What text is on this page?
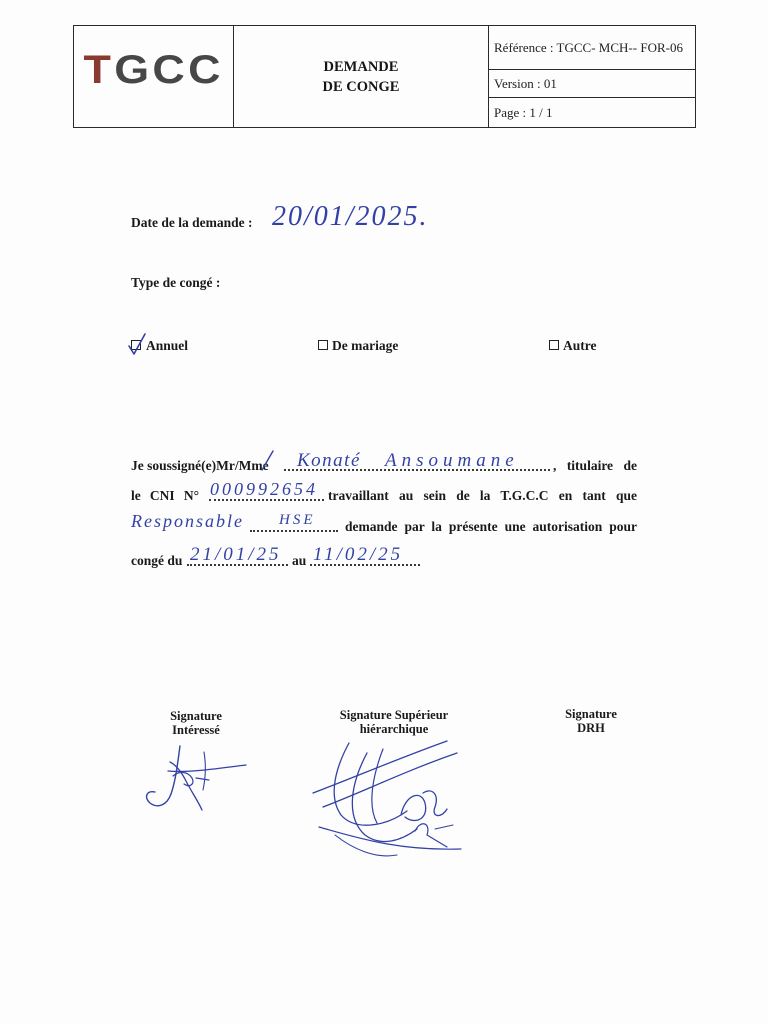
TGCC	DEMANDE
DE CONGE
Référence : TGCC- MCH-- FOR-06
Version : 01
Page : 1 / 1
Date de la demande : 20/01/2025.
Type de congé :
Annuel	De mariage	Autre
Je soussigné(e)Mr/Mme Konaté Ansoumane	, titulaire de
le CNI N° 000992654 travaillant au sein de la T.G.C.C en tant que
Responsable HSE demande par la présente une autorisation pour
congé du 21/01/25 au 11/02/25
Signature
Intéressé
Signature Supérieur
hiérarchique
Signature
DRH
